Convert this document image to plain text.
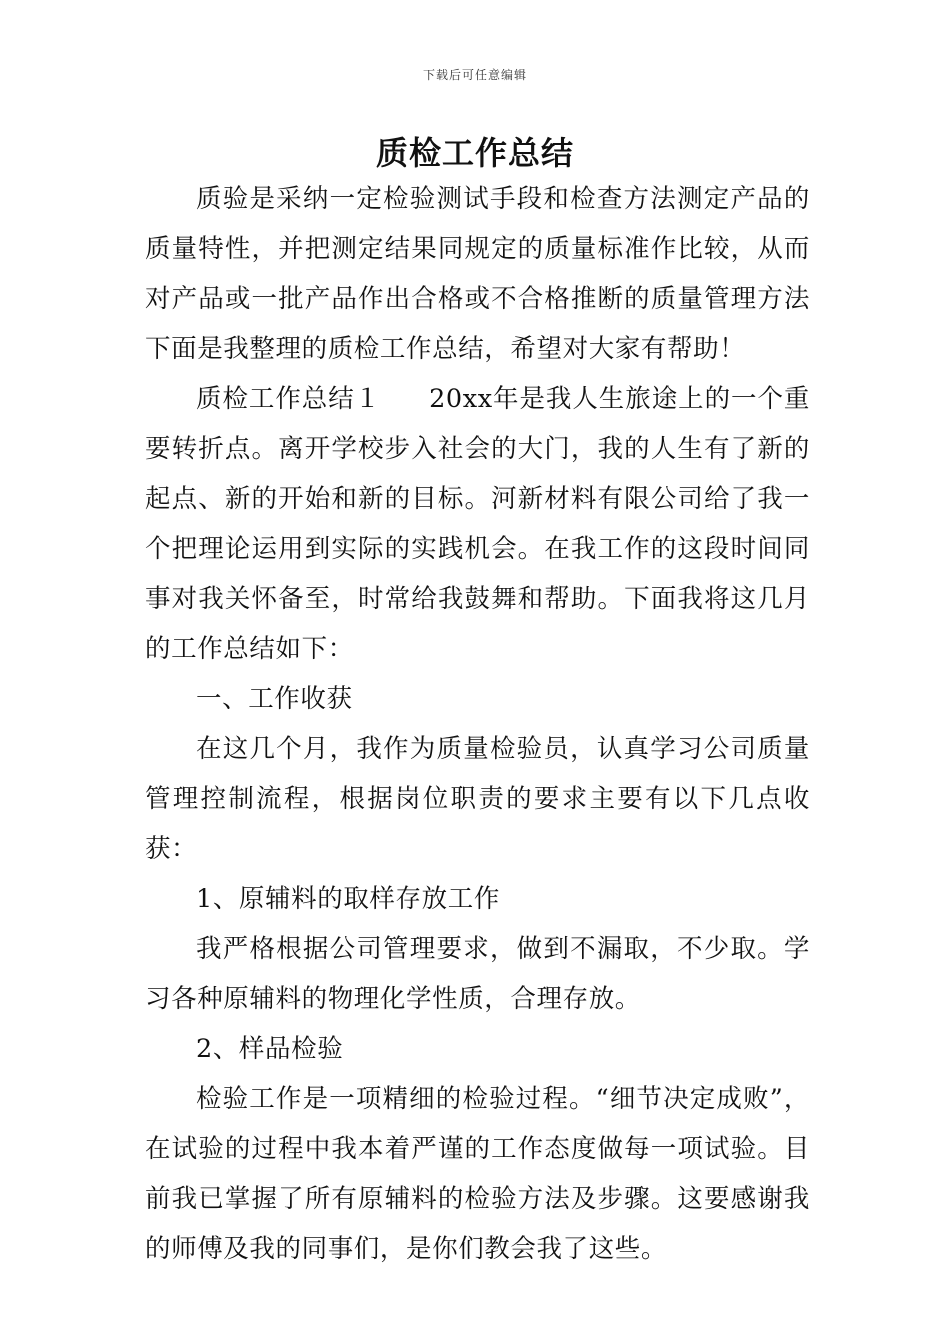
下载后可任意编辑
质检工作总结

质验是采纳一定检验测试手段和检查方法测定产品的质量特性，并把测定结果同规定的质量标准作比较，从而对产品或一批产品作出合格或不合格推断的质量管理方法下面是我整理的质检工作总结，希望对大家有帮助！

质检工作总结１ 20xx年是我人生旅途上的一个重要转折点。离开学校步入社会的大门，我的人生有了新的起点、新的开始和新的目标。河新材料有限公司给了我一个把理论运用到实际的实践机会。在我工作的这段时间同事对我关怀备至，时常给我鼓舞和帮助。下面我将这几月的工作总结如下：

一、工作收获

在这几个月，我作为质量检验员，认真学习公司质量管理控制流程，根据岗位职责的要求主要有以下几点收获：

1、原辅料的取样存放工作

我严格根据公司管理要求，做到不漏取，不少取。学习各种原辅料的物理化学性质，合理存放。

2、样品检验

检验工作是一项精细的检验过程。“细节决定成败”，在试验的过程中我本着严谨的工作态度做每一项试验。目前我已掌握了所有原辅料的检验方法及步骤。这要感谢我的师傅及我的同事们，是你们教会我了这些。
